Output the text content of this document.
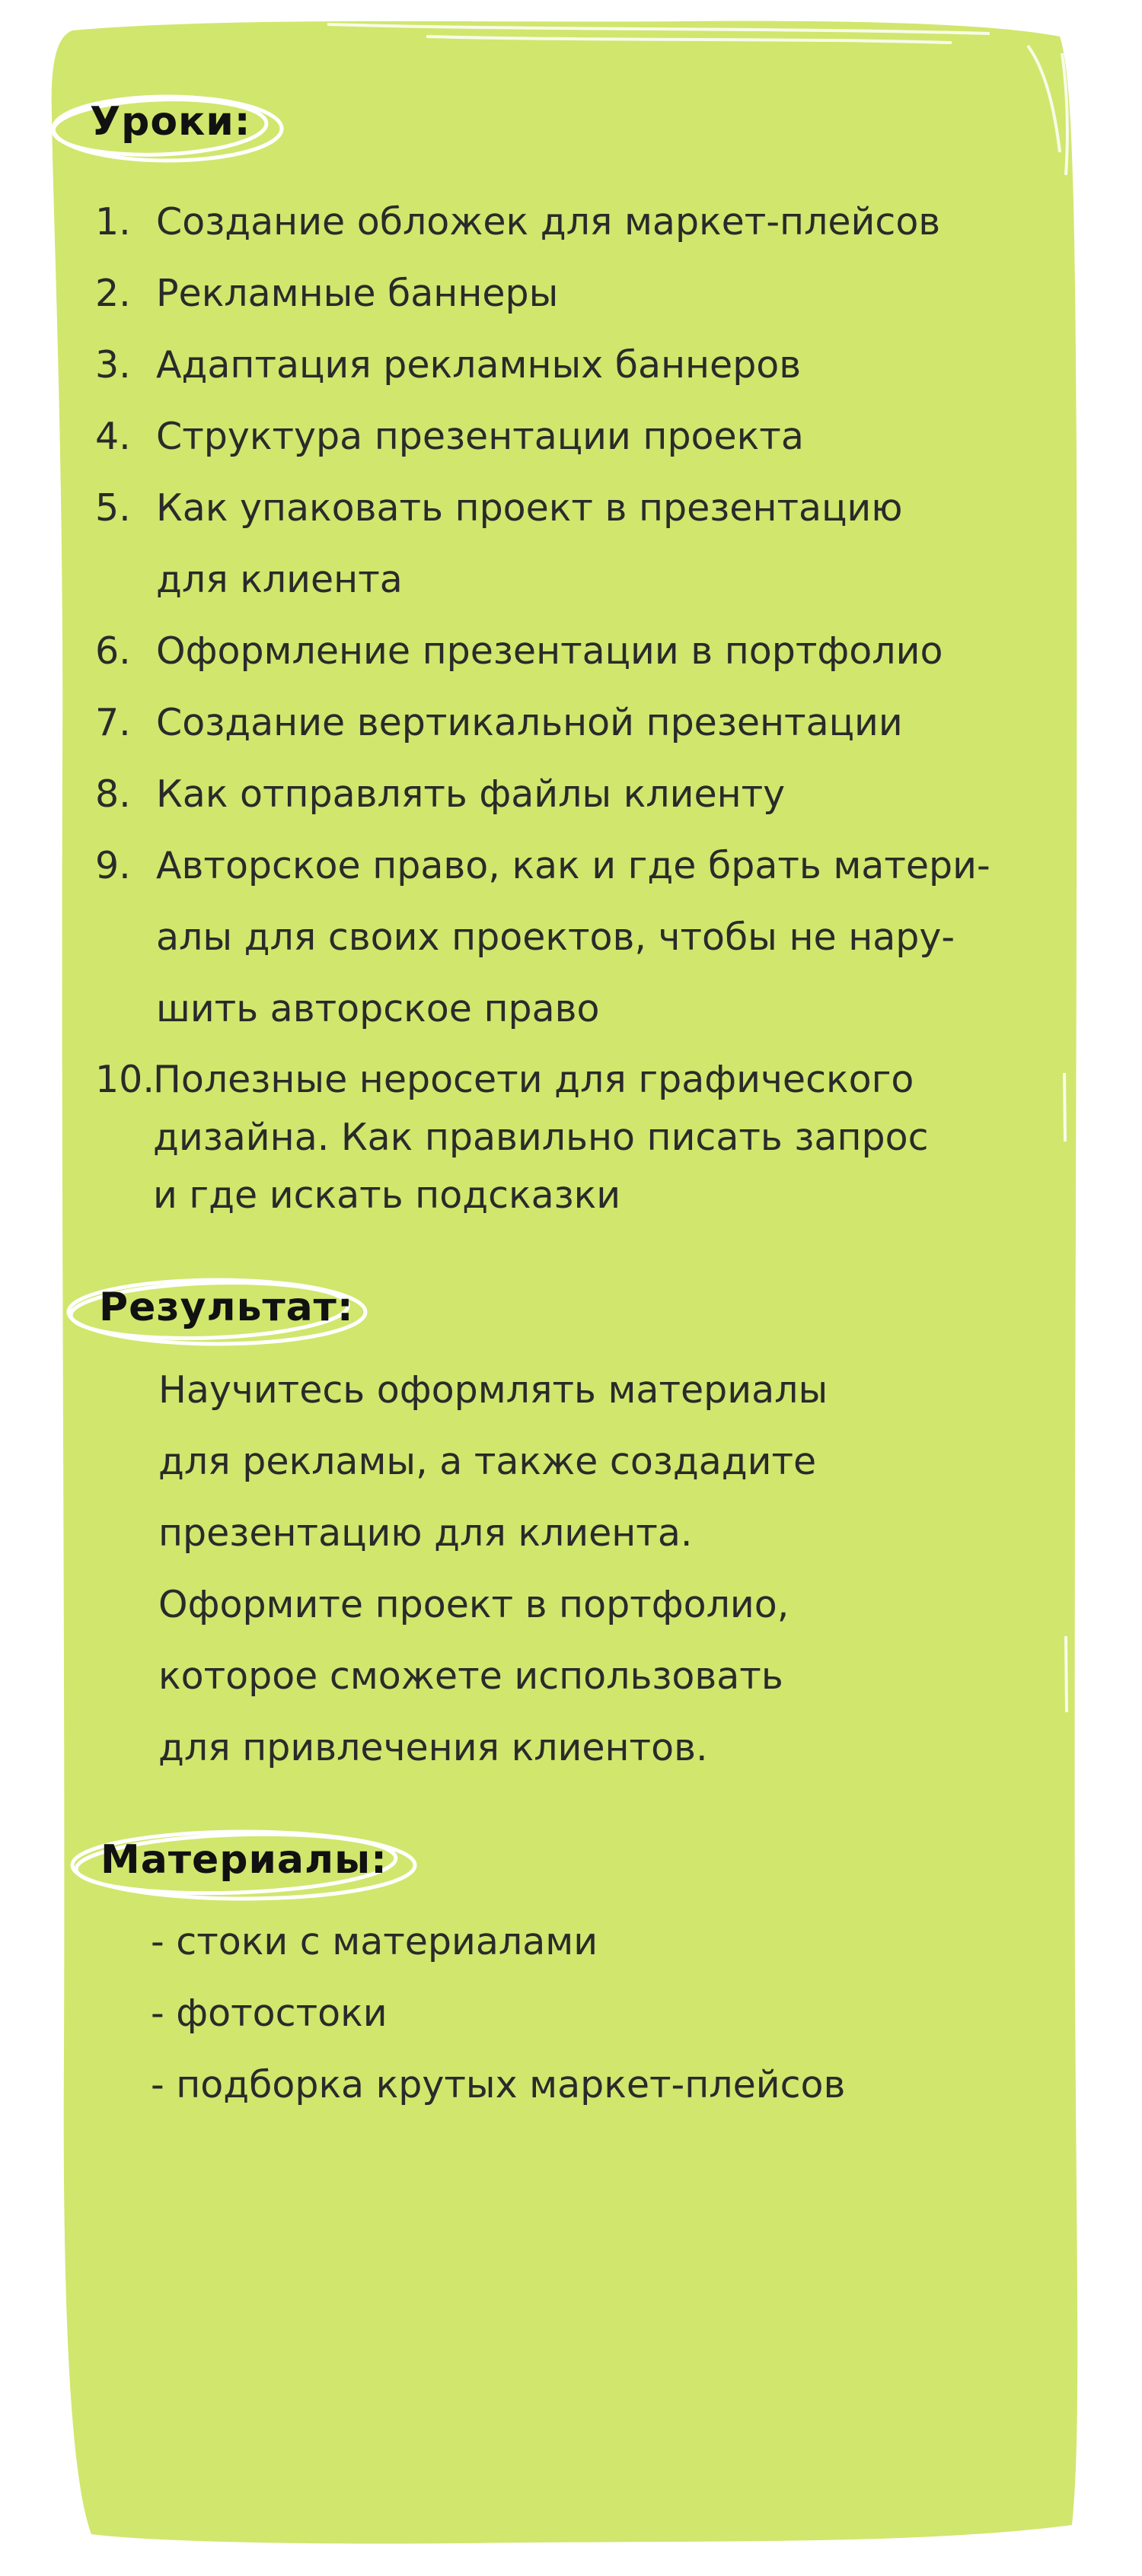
Уроки:
1. Создание обложек для маркет-плейсов
2. Рекламные баннеры
3. Адаптация рекламных баннеров
4. Структура презентации проекта
5. Как упаковать проект в презентацию
для клиента
6. Оформление презентации в портфолио
7. Создание вертикальной презентации
8. Как отправлять файлы клиенту
9. Авторское право, как и где брать матери-
алы для своих проектов, чтобы не нару-
шить авторское право
10.
Полезные неросети для графического
дизайна. Как правильно писать запрос
и где искать подсказки
Результат:
Научитесь оформлять материалы
для рекламы, а также создадите
презентацию для клиента.
Оформите проект в портфолио,
которое сможете использовать
для привлечения клиентов.
Материалы:
- стоки с материалами
- фотостоки
- подборка крутых маркет-плейсов
